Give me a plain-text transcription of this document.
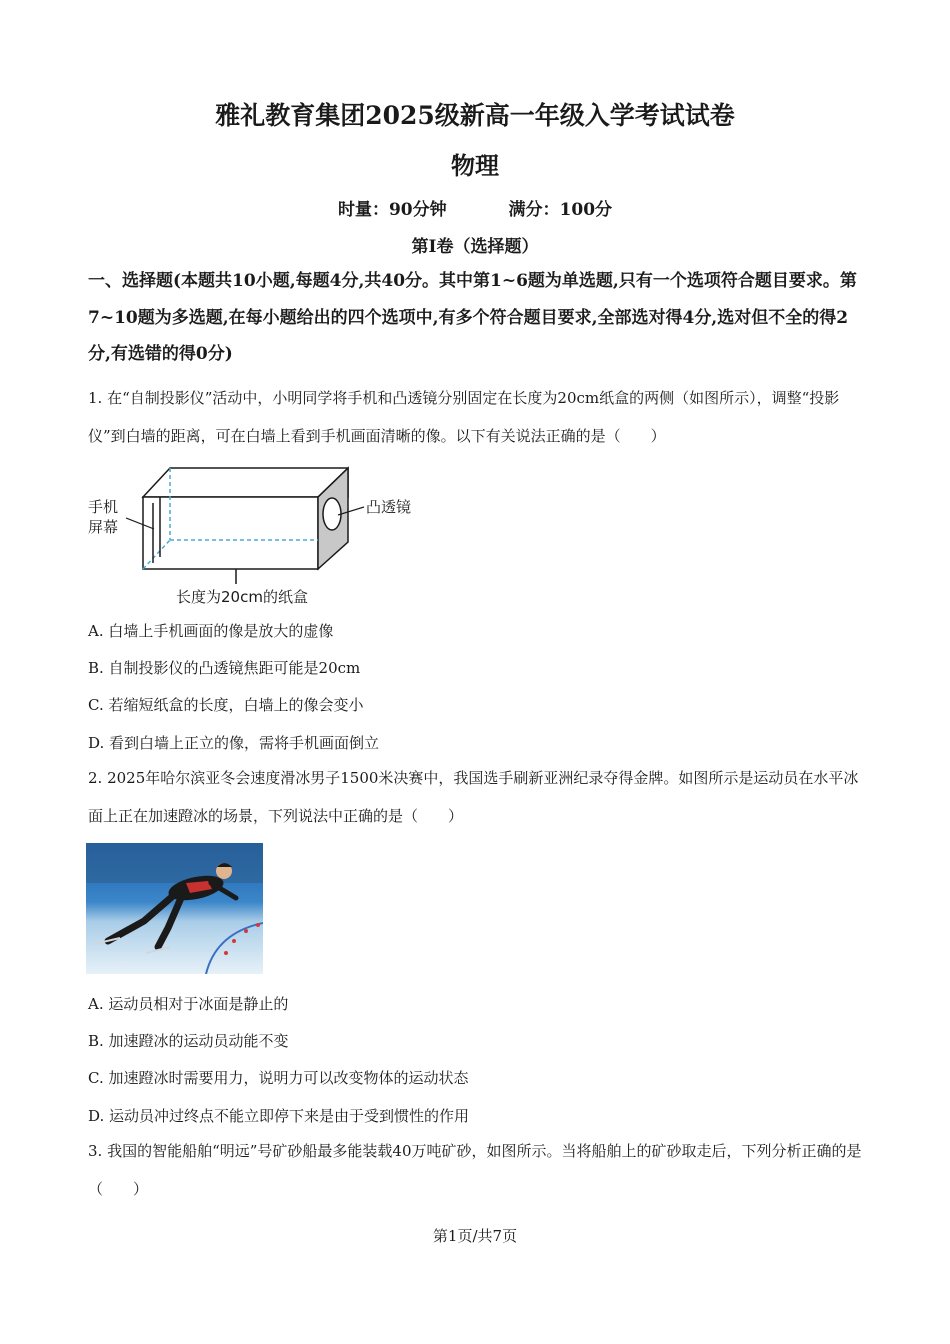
雅礼教育集团2025级新高一年级入学考试试卷
物理
时量：90分钟	满分：100分
第I卷（选择题）
一、选择题(本题共10小题,每题4分,共40分。其中第1~6题为单选题,只有一个选项符合题目要求。第7~10题为多选题,在每小题给出的四个选项中,有多个符合题目要求,全部选对得4分,选对但不全的得2分,有选错的得0分)
1. 在“自制投影仪”活动中，小明同学将手机和凸透镜分别固定在长度为20cm纸盒的两侧（如图所示），调整“投影仪”到白墙的距离，可在白墙上看到手机画面清晰的像。以下有关说法正确的是（　　）
手机
屏幕
凸透镜
长度为20cm的纸盒
A. 白墙上手机画面的像是放大的虚像
B. 自制投影仪的凸透镜焦距可能是20cm
C. 若缩短纸盒的长度，白墙上的像会变小
D. 看到白墙上正立的像，需将手机画面倒立
2. 2025年哈尔滨亚冬会速度滑冰男子1500米决赛中，我国选手刷新亚洲纪录夺得金牌。如图所示是运动员在水平冰面上正在加速蹬冰的场景，下列说法中正确的是（　　）
A. 运动员相对于冰面是静止的
B. 加速蹬冰的运动员动能不变
C. 加速蹬冰时需要用力，说明力可以改变物体的运动状态
D. 运动员冲过终点不能立即停下来是由于受到惯性的作用
3. 我国的智能船舶“明远”号矿砂船最多能装载40万吨矿砂，如图所示。当将船舶上的矿砂取走后，下列分析正确的是（　　）
第1页/共7页
